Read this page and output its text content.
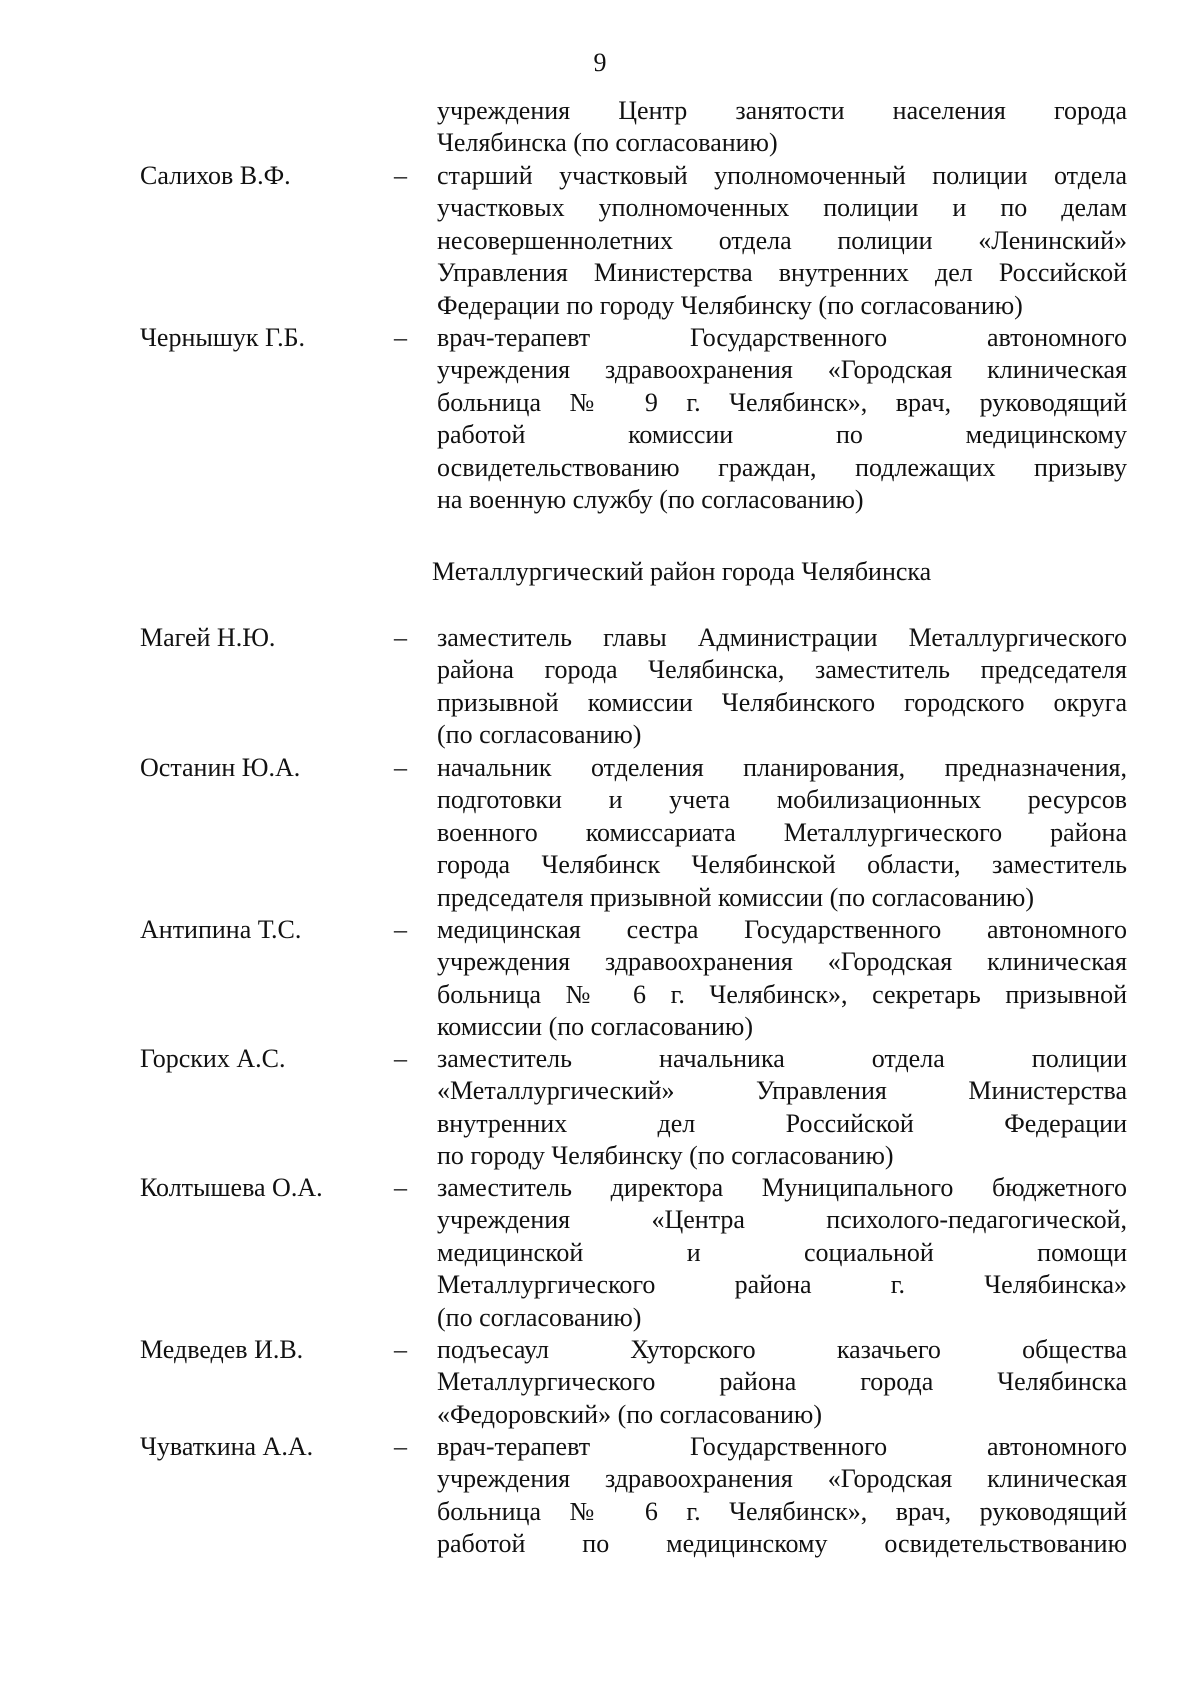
9
учреждения Центр занятости населения города
Челябинска (по согласованию)
Салихов В.Ф.	– старший участковый уполномоченный полиции отдела
участковых уполномоченных полиции и по делам
несовершеннолетних отдела полиции «Ленинский»
Управления Министерства внутренних дел Российской
Федерации по городу Челябинску (по согласованию)
Чернышук Г.Б.	– врач-терапевт Государственного автономного
учреждения здравоохранения «Городская клиническая
больница № 9 г. Челябинск», врач, руководящий
работой комиссии по медицинскому
освидетельствованию граждан, подлежащих призыву
на военную службу (по согласованию)
Металлургический район города Челябинска
Магей Н.Ю.	– заместитель главы Администрации Металлургического
района города Челябинска, заместитель председателя
призывной комиссии Челябинского городского округа
(по согласованию)
Останин Ю.А.	– начальник отделения планирования, предназначения,
подготовки и учета мобилизационных ресурсов
военного комиссариата Металлургического района
города Челябинск Челябинской области, заместитель
председателя призывной комиссии (по согласованию)
Антипина Т.С.	– медицинская сестра Государственного автономного
учреждения здравоохранения «Городская клиническая
больница № 6 г. Челябинск», секретарь призывной
комиссии (по согласованию)
Горских А.С.	– заместитель начальника отдела полиции
«Металлургический» Управления Министерства
внутренних дел Российской Федерации
по городу Челябинску (по согласованию)
Колтышева О.А.	– заместитель директора Муниципального бюджетного
учреждения «Центра психолого-педагогической,
медицинской и социальной помощи
Металлургического района г. Челябинска»
(по согласованию)
Медведев И.В.	– подъесаул Хуторского казачьего общества
Металлургического района города Челябинска
«Федоровский» (по согласованию)
Чуваткина А.А.	– врач-терапевт Государственного автономного
учреждения здравоохранения «Городская клиническая
больница № 6 г. Челябинск», врач, руководящий
работой по медицинскому освидетельствованию
